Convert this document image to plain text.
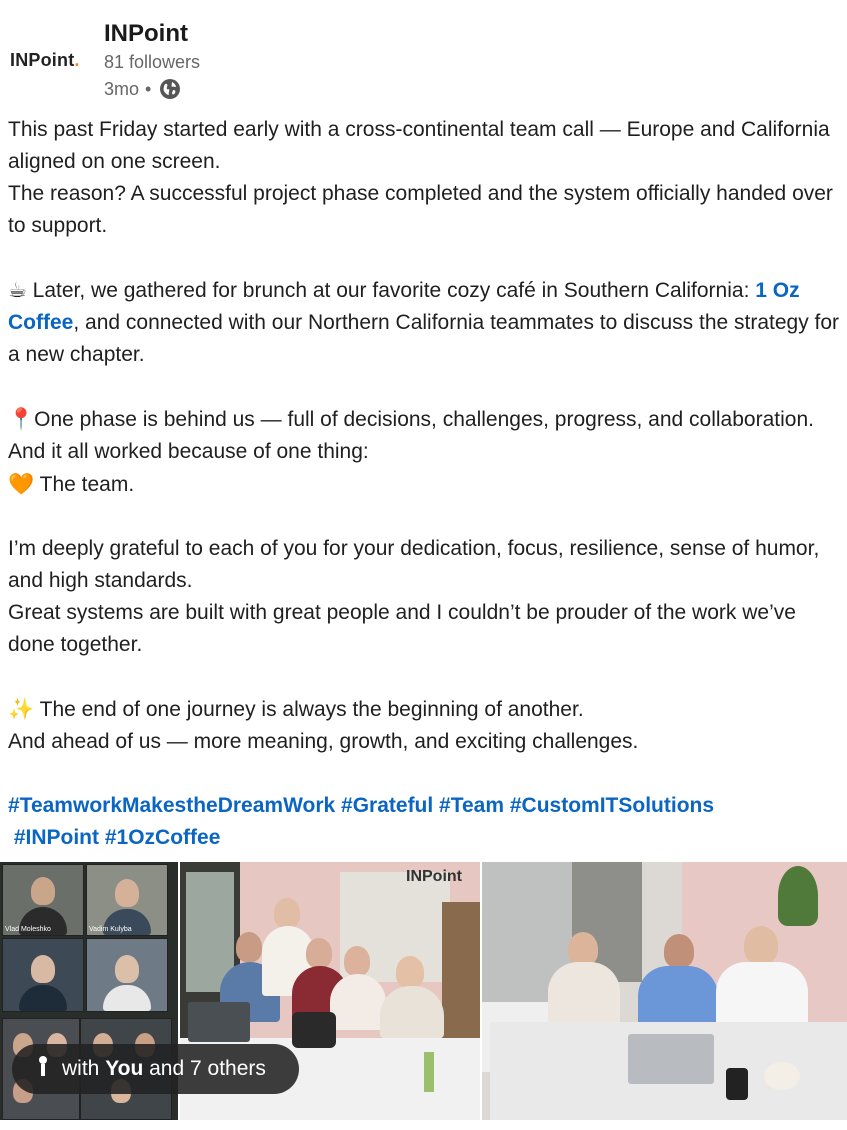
INPoint.
INPoint
81 followers
3mo •

This past Friday started early with a cross-continental team call — Europe and California aligned on one screen.

The reason? A successful project phase completed and the system officially handed over to support.

☕ Later, we gathered for brunch at our favorite cozy café in Southern California: 1 Oz Coffee, and connected with our Northern California teammates to discuss the strategy for a new chapter.

📍One phase is behind us — full of decisions, challenges, progress, and collaboration. And it all worked because of one thing:

🧡 The team.

I’m deeply grateful to each of you for your dedication, focus, resilience, sense of humor, and high standards.

Great systems are built with great people and I couldn’t be prouder of the work we’ve done together.

✨ The end of one journey is always the beginning of another.

And ahead of us — more meaning, growth, and exciting challenges.

#TeamworkMakestheDreamWork #Grateful #Team #CustomITSolutions

#INPoint #1OzCoffee

Vlad Moleshko	Vadim Kulyba
INPoint
with You and 7 others
